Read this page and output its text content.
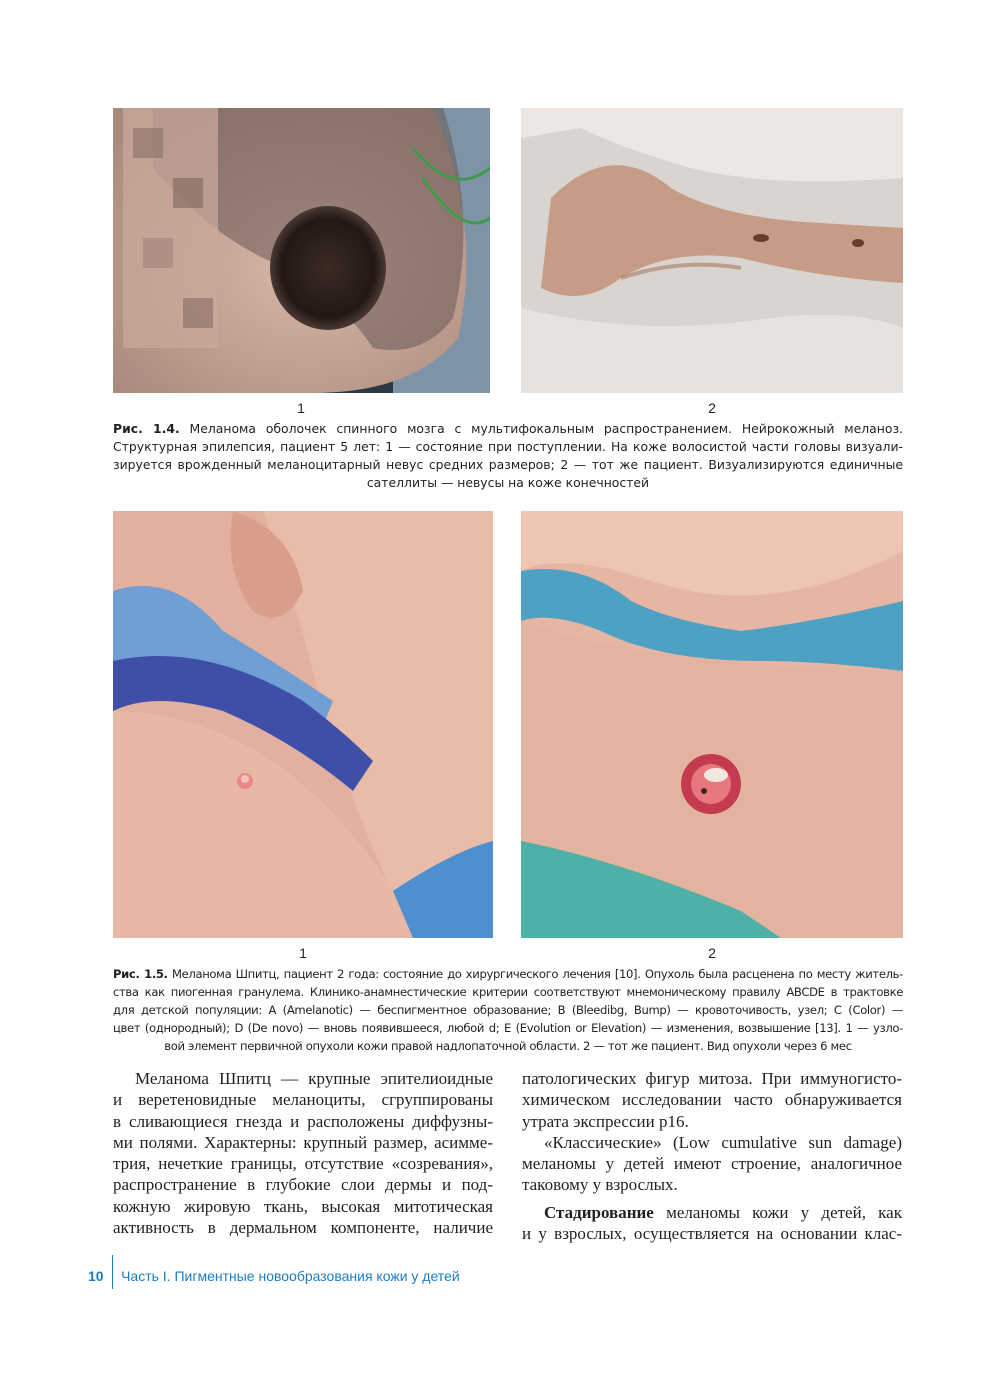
1	2
Рис. 1.4. Меланома оболочек спинного мозга с мультифокальным распространением. Нейрокожный меланоз.
Структурная эпилепсия, пациент 5 лет: 1 — состояние при поступлении. На коже волосистой части головы визуали-
зируется врожденный меланоцитарный невус средних размеров; 2 — тот же пациент. Визуализируются единичные
сателлиты — невусы на коже конечностей
1	2
Рис. 1.5. Меланома Шпитц, пациент 2 года: состояние до хирургического лечения [10]. Опухоль была расценена по месту житель-
ства как пиогенная гранулема. Клинико-анамнестические критерии соответствуют мнемоническому правилу ABCDE в трактовке
для детской популяции: A (Amelanotic) — беспигментное образование; B (Bleedibg, Bump) — кровоточивость, узел; C (Color) —
цвет (однородный); D (De novo) — вновь появившееся, любой d; E (Evolution or Elevation) — изменения, возвышение [13]. 1 — узло-
вой элемент первичной опухоли кожи правой надлопаточной области. 2 — тот же пациент. Вид опухоли через 6 мес
Меланома Шпитц — крупные эпителиоидные
и веретеновидные меланоциты, сгруппированы
в сливающиеся гнезда и расположены диффузны-
ми полями. Характерны: крупный размер, асимме-
трия, нечеткие границы, отсутствие «созревания»,
распространение в глубокие слои дермы и под-
кожную жировую ткань, высокая митотическая
активность в дермальном компоненте, наличие
патологических фигур митоза. При иммуногисто-
химическом исследовании часто обнаруживается
утрата экспрессии p16.
«Классические» (Low cumulative sun damage)
меланомы у детей имеют строение, аналогичное
таковому у взрослых.
Стадирование меланомы кожи у детей, как
и у взрослых, осуществляется на основании клас-
10 Часть I. Пигментные новообразования кожи у детей
